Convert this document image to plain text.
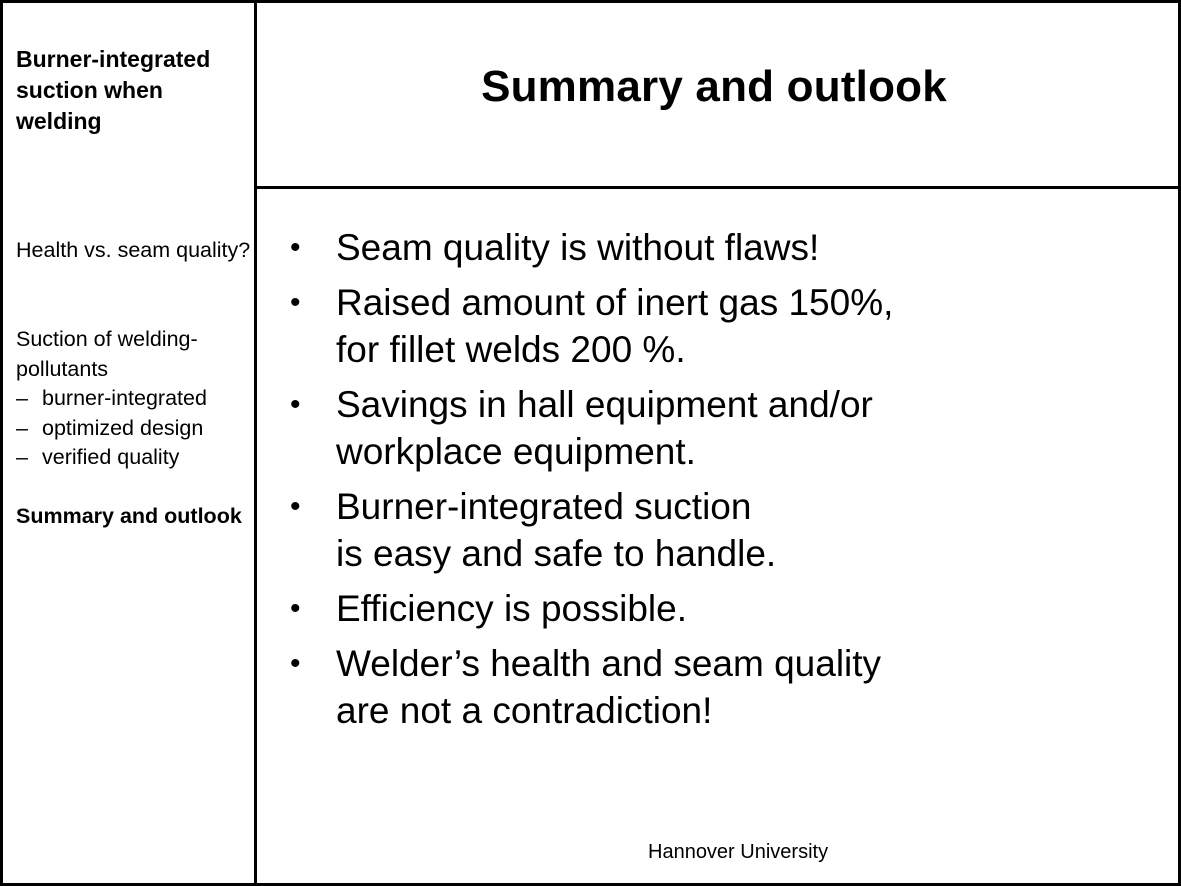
Burner-integrated suction when welding

Health vs. seam quality?

Suction of welding-pollutants

– burner-integrated

– optimized design

– verified quality

Summary and outlook

Summary and outlook
• Seam quality is without flaws!
• Raised amount of inert gas 150%,
for fillet welds 200 %.
• Savings in hall equipment and/or
workplace equipment.
• Burner-integrated suction
is easy and safe to handle.
• Efficiency is possible.
• Welder’s health and seam quality
are not a contradiction!

Hannover University
